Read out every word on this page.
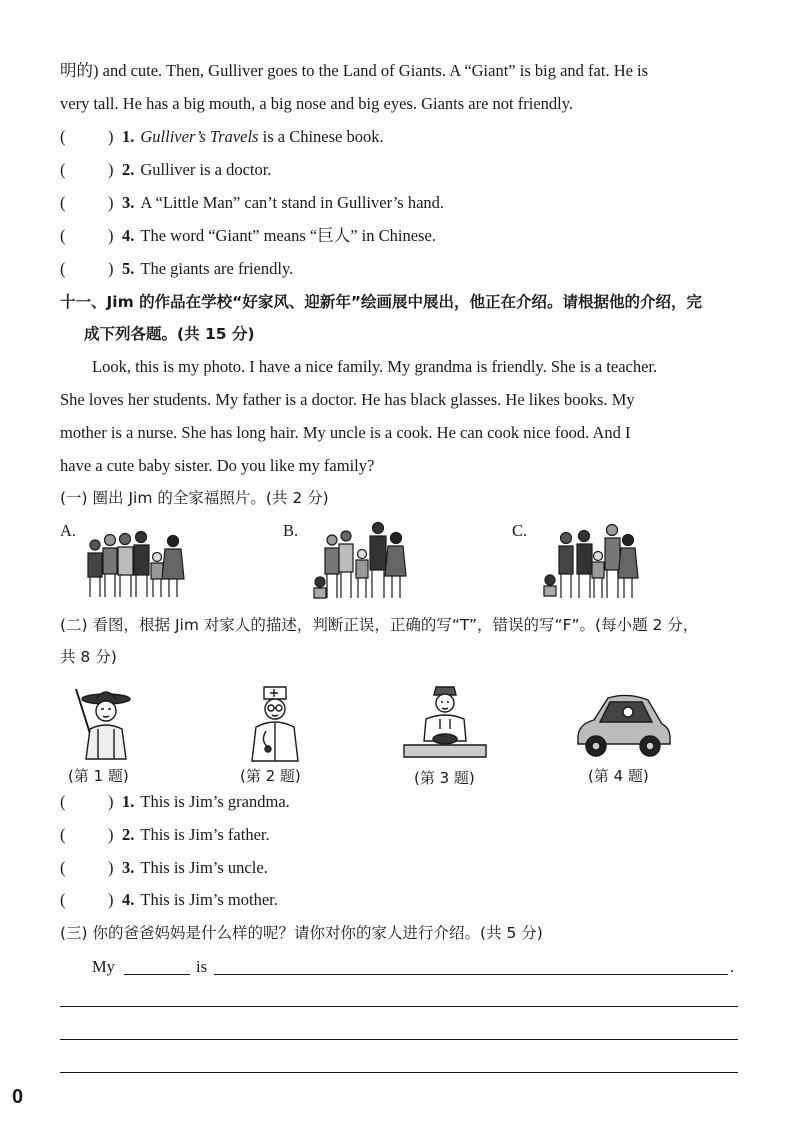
明的) and cute. Then, Gulliver goes to the Land of Giants. A “Giant” is big and fat. He is
very tall. He has a big mouth, a big nose and big eyes. Giants are not friendly.
(	) 1. Gulliver’s Travels is a Chinese book.
(	) 2. Gulliver is a doctor.
(	) 3. A “Little Man” can’t stand in Gulliver’s hand.
(	) 4. The word “Giant” means “巨人” in Chinese.
(	) 5. The giants are friendly.
十一、Jim 的作品在学校“好家风、迎新年”绘画展中展出，他正在介绍。请根据他的介绍，完
成下列各题。(共 15 分)
Look, this is my photo. I have a nice family. My grandma is friendly. She is a teacher.
She loves her students. My father is a doctor. He has black glasses. He likes books. My
mother is a nurse. She has long hair. My uncle is a cook. He can cook nice food. And I
have a cute baby sister. Do you like my family?
(一) 圈出 Jim 的全家福照片。(共 2 分)
A.	B.	C.
(二) 看图，根据 Jim 对家人的描述，判断正误，正确的写“T”，错误的写“F”。(每小题 2 分，
共 8 分)
(第 1 题)	(第 2 题)	(第 3 题)	(第 4 题)
(	) 1. This is Jim’s grandma.
(	) 2. This is Jim’s father.
(	) 3. This is Jim’s uncle.
(	) 4. This is Jim’s mother.
(三) 你的爸爸妈妈是什么样的呢？请你对你的家人进行介绍。(共 5 分)
My	is	.
0
